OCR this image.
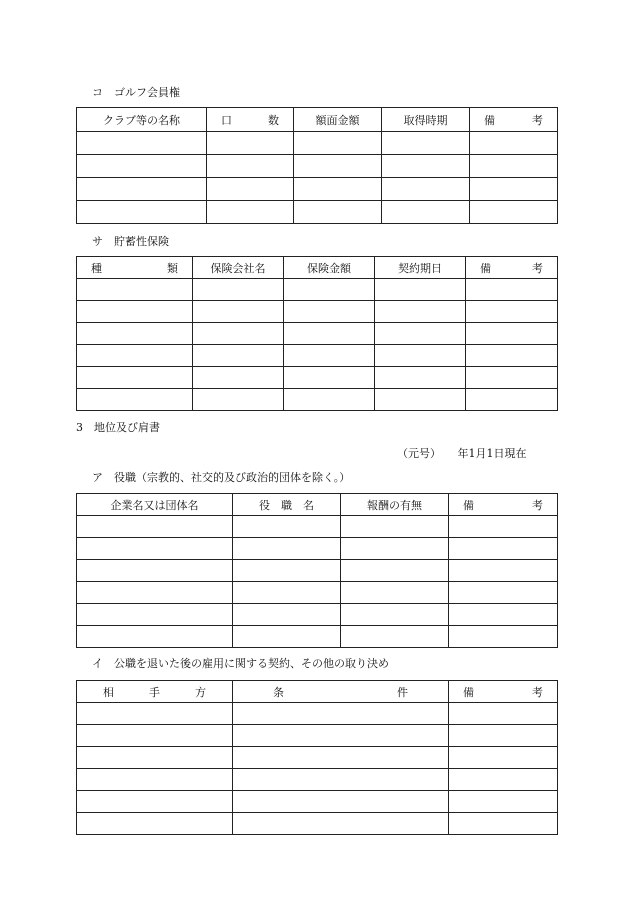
コ　ゴルフ会員権
クラブ等の名称	口　　数	額面金額	取得時期	備　　考

サ　貯蓄性保険
種　　類	保険会社名	保険金額	契約期日	備　　考

3　地位及び肩書
（元号）　　年1月1日現在
ア　役職（宗教的、社交的及び政治的団体を除く。）
企業名又は団体名	役　職　名	報酬の有無	備　　考

イ　公職を退いた後の雇用に関する契約、その他の取り決め
相　手　方	条　　件	備　　考
